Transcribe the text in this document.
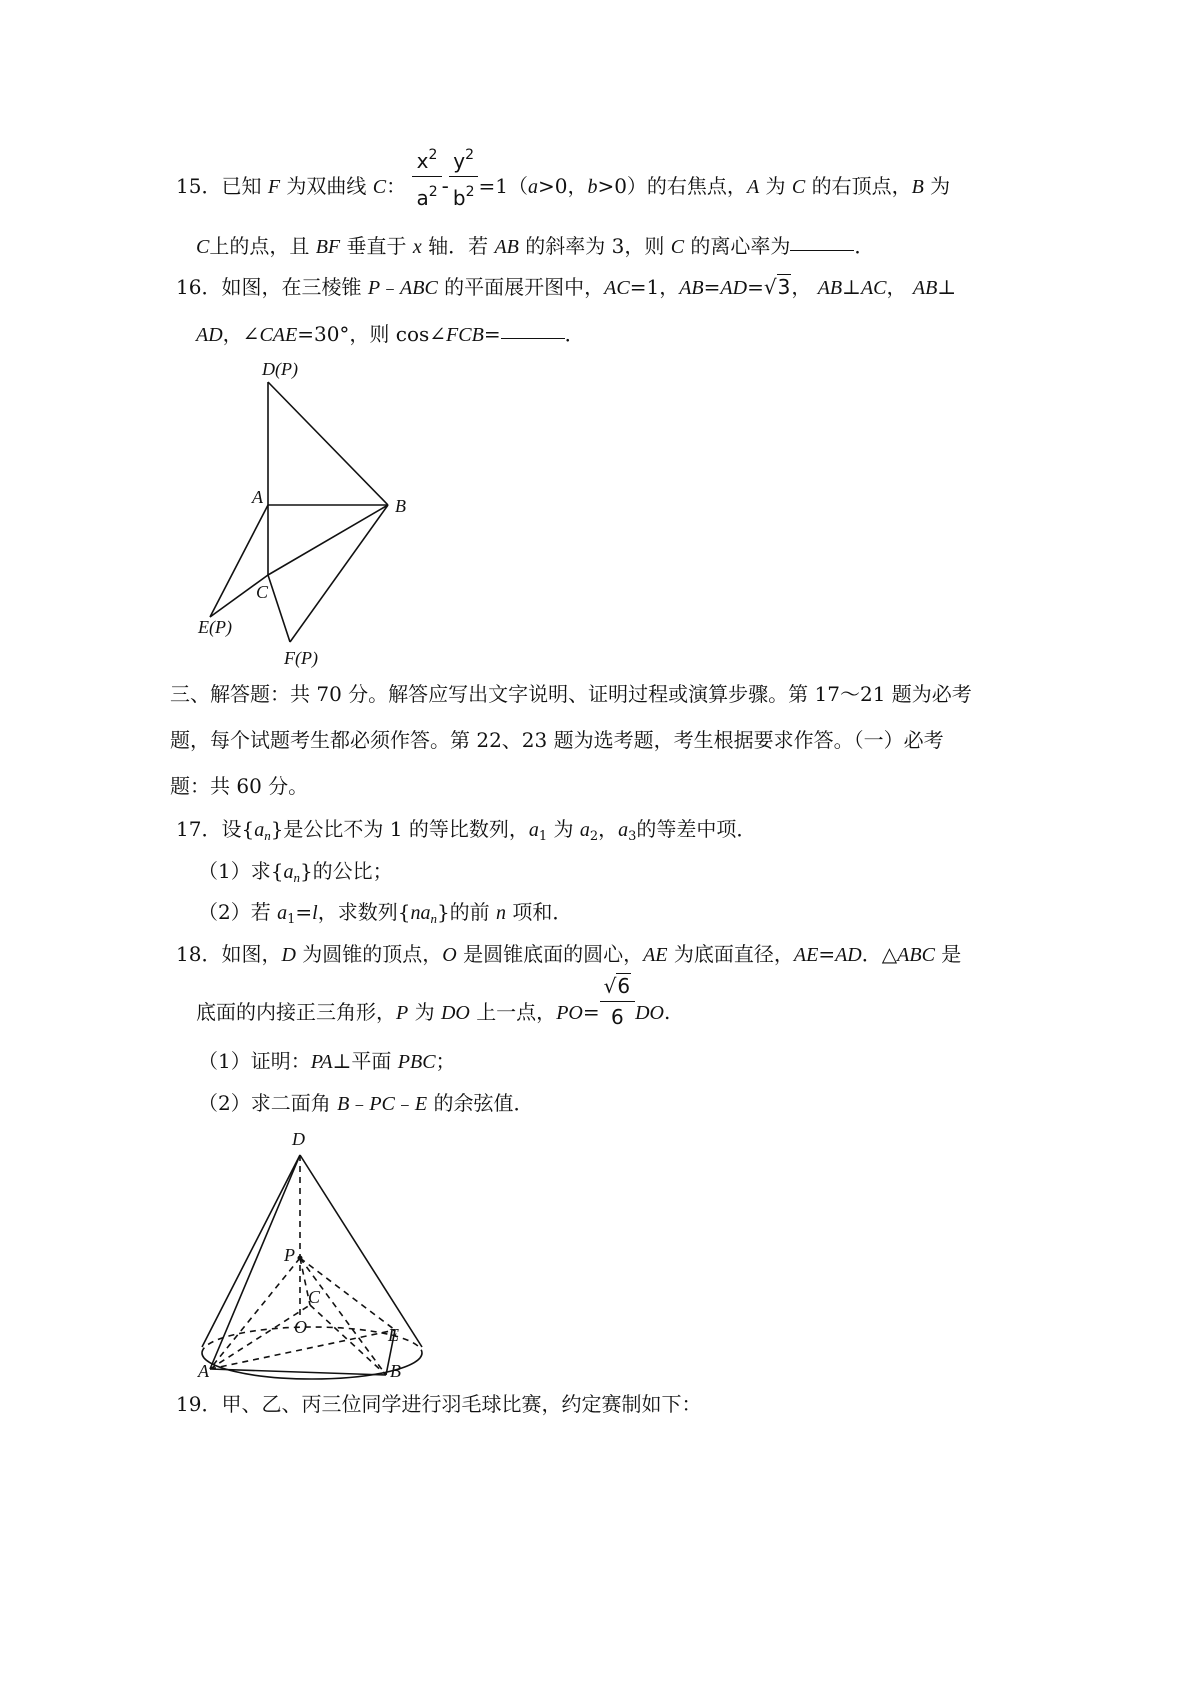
15．已知 F 为双曲线 C： $\frac{x^2}{a^2} - \frac{y^2}{b^2} =1(a>0$，b>0）的右焦点，A 为 C 的右顶点，B 为
C上的点，且 BF 垂直于 x 轴．若 AB 的斜率为 3，则 C 的离心率为	．
16．如图，在三棱锥 P﹣ABC 的平面展开图中，AC=1，AB=AD=√3， AB⊥AC， AB⊥
AD，∠CAE=30°，则 cos∠FCB=	．
D(P)
A	B
C
E(P)
F(P)
三、解答题：共 70 分。解答应写出文字说明、证明过程或演算步骤。第 17～21 题为必考
题，每个试题考生都必须作答。第 22、23 题为选考题，考生根据要求作答。（一）必考
题：共 60 分。
17．设$\{a_n\}$是公比不为 1 的等比数列，$a_1$ 为 $a_2$，$a_3$的等差中项．
（1）求$\{a_n\}$的公比；
（2）若 $a_1=l$，求数列$\{na_n\}$的前 n 项和．
18．如图，D 为圆锥的顶点，O 是圆锥底面的圆心，AE 为底面直径，AE=AD．△ABC 是
底面的内接正三角形，P 为 DO 上一点，$PO= \frac{√6}{6}$ DO.
（1）证明：PA⊥平面 PBC；
（2）求二面角 B﹣PC﹣E 的余弦值．
D
P
C
O	E
A	B
19．甲、乙、丙三位同学进行羽毛球比赛，约定赛制如下：
